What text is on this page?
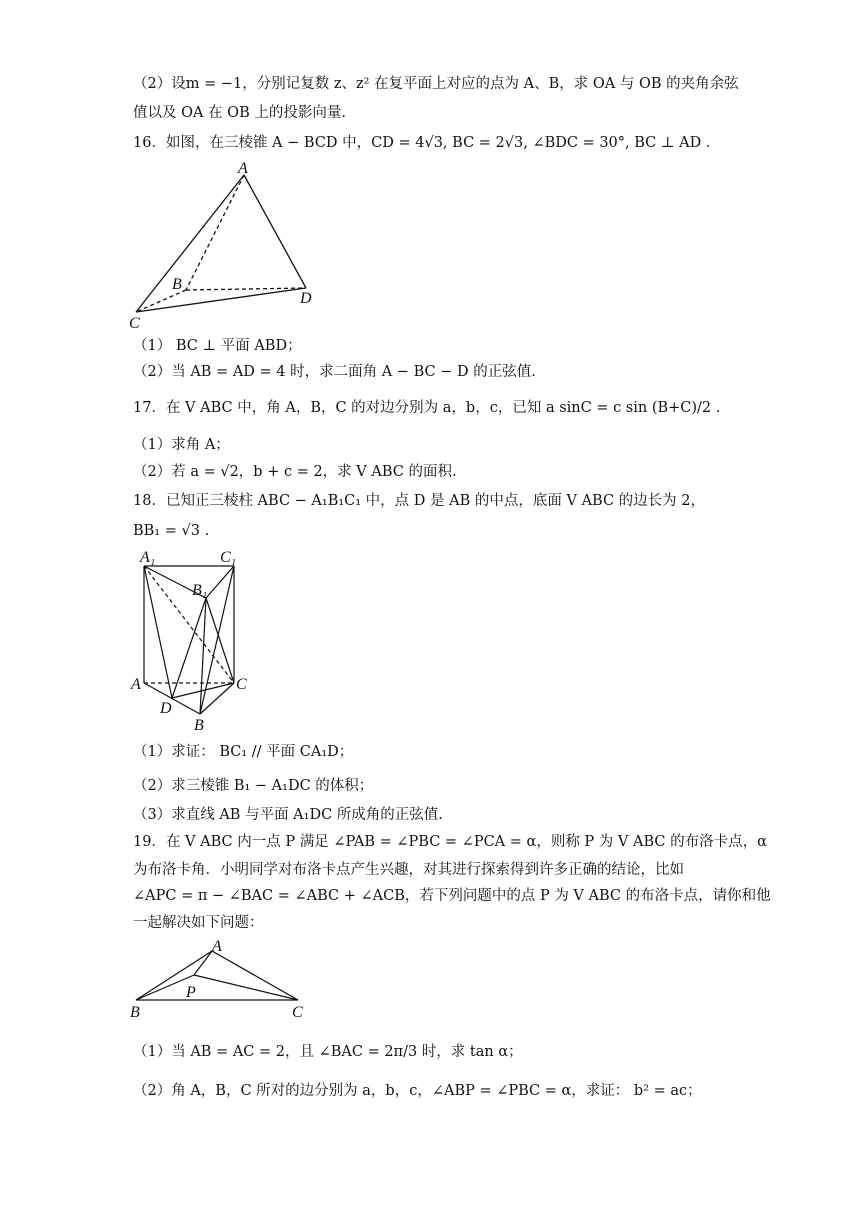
（2）设m = −1，分别记复数 z、z² 在复平面上对应的点为 A、B，求 OA 与 OB 的夹角余弦
值以及 OA 在 OB 上的投影向量.
16．如图，在三棱锥 A − BCD 中，CD = 4√3, BC = 2√3, ∠BDC = 30°, BC ⊥ AD ．
A
B
C
D
（1） BC ⊥ 平面 ABD；
（2）当 AB = AD = 4 时，求二面角 A − BC − D 的正弦值.
17．在 V ABC 中，角 A，B，C 的对边分别为 a，b，c，已知 a sinC = c sin (B+C)/2 .
（1）求角 A；
（2）若 a = √2，b + c = 2，求 V ABC 的面积.
18．已知正三棱柱 ABC − A₁B₁C₁ 中，点 D 是 AB 的中点，底面 V ABC 的边长为 2，
BB₁ = √3 .
A₁	C₁
B₁
A	C
D
B
（1）求证： BC₁ // 平面 CA₁D；
（2）求三棱锥 B₁ − A₁DC 的体积；
（3）求直线 AB 与平面 A₁DC 所成角的正弦值.
19．在 V ABC 内一点 P 满足 ∠PAB = ∠PBC = ∠PCA = α，则称 P 为 V ABC 的布洛卡点，α
为布洛卡角．小明同学对布洛卡点产生兴趣，对其进行探索得到许多正确的结论，比如
∠APC = π − ∠BAC = ∠ABC + ∠ACB，若下列问题中的点 P 为 V ABC 的布洛卡点，请你和他
一起解决如下问题：
A
P
B	C
（1）当 AB = AC = 2，且 ∠BAC = 2π/3 时，求 tan α；
（2）角 A，B，C 所对的边分别为 a，b，c，∠ABP = ∠PBC = α，求证： b² = ac；
